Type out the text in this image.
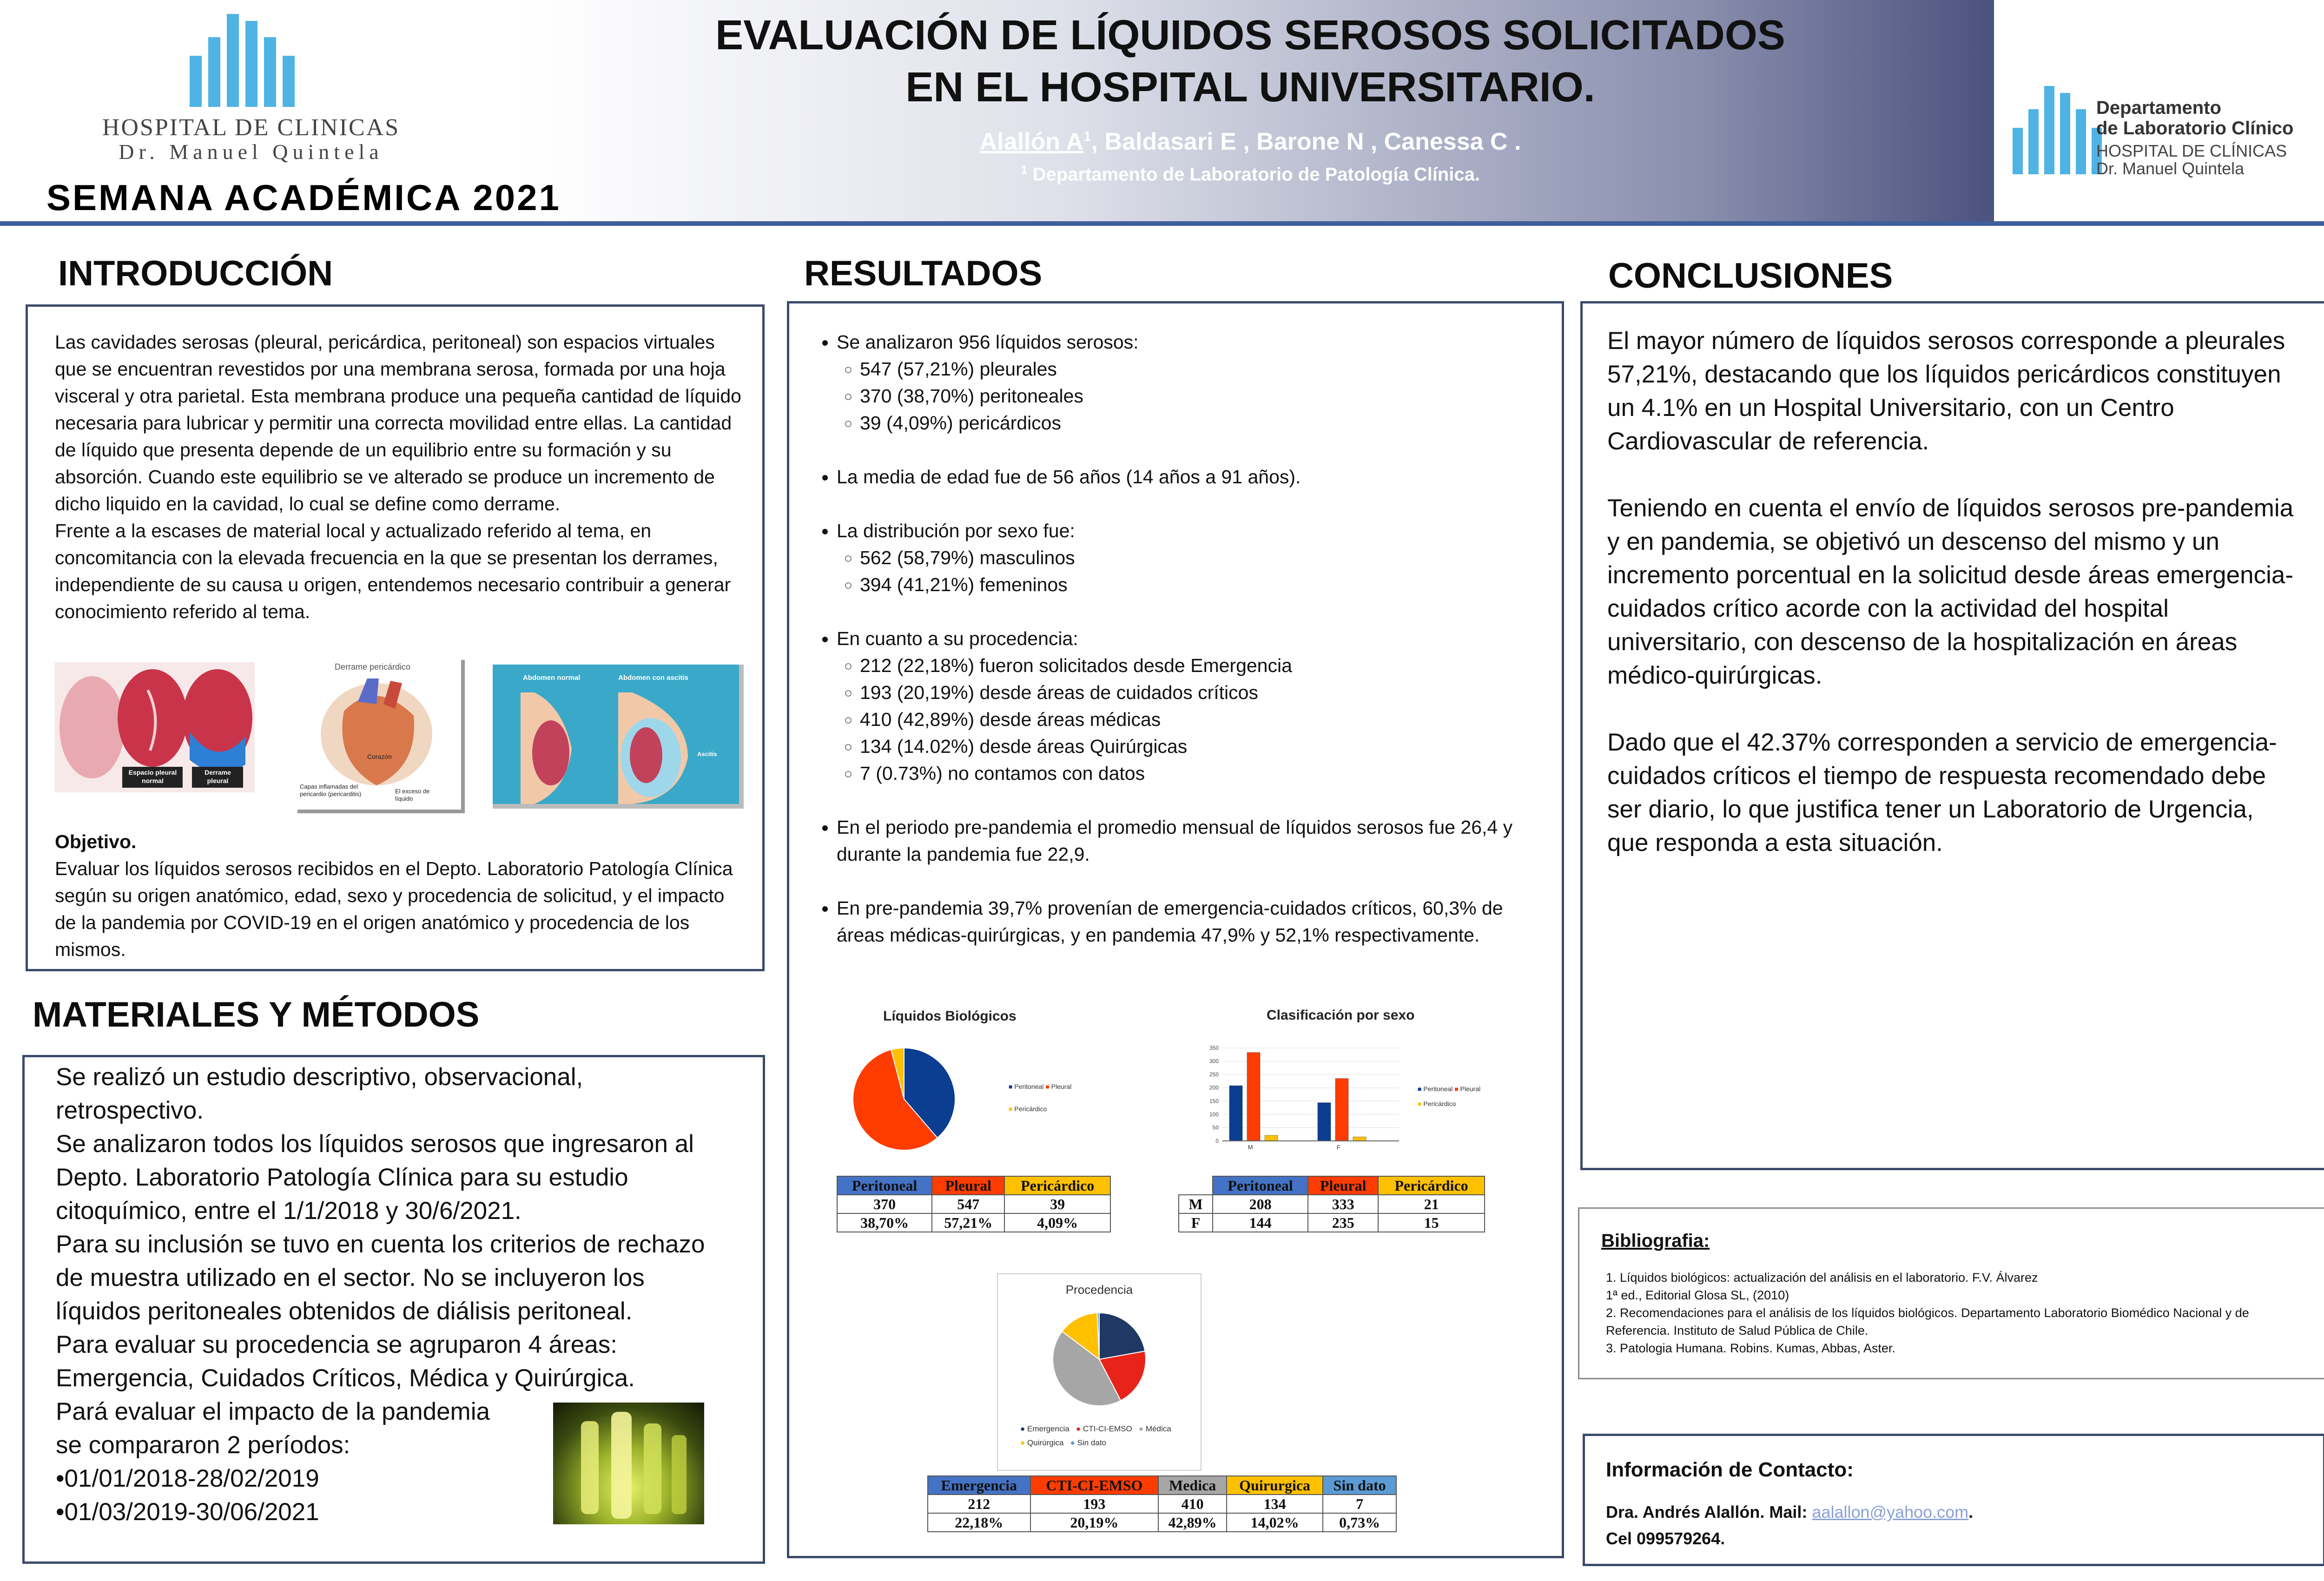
HOSPITAL DE CLINICAS
Dr. Manuel Quintela
SEMANA ACADÉMICA 2021
EVALUACIÓN DE LÍQUIDOS SEROSOS SOLICITADOS
EN EL HOSPITAL UNIVERSITARIO.
Alallón $A^1$, Baldasari E , Barone N , Canessa C .
$^1$ Departamento de Laboratorio de Patología Clínica.
Departamento
de Laboratorio Clínico
HOSPITAL DE CLÍNICAS
Dr. Manuel Quintela
INTRODUCCIÓN
Las cavidades serosas (pleural, pericárdica, peritoneal) son espacios virtuales que se encuentran revestidos por una membrana serosa, formada por una hoja visceral y otra parietal. Esta membrana produce una pequeña cantidad de líquido necesaria para lubricar y permitir una correcta movilidad entre ellas. La cantidad de líquido que presenta depende de un equilibrio entre su formación y su absorción. Cuando este equilibrio se ve alterado se produce un incremento de dicho liquido en la cavidad, lo cual se define como derrame.
Frente a la escases de material local y actualizado referido al tema, en concomitancia con la elevada frecuencia en la que se presentan los derrames, independiente de su causa u origen, entendemos necesario contribuir a generar conocimiento referido al tema.
Espacio pleural normal
Derrame pleural
Derrame pericárdico
Corazón
Capas inflamadas del pericardio (pericarditis)	El exceso de líquido
Abdomen normal	Abdomen con ascitis
Ascitis
Objetivo.
Evaluar los líquidos serosos recibidos en el Depto. Laboratorio Patología Clínica según su origen anatómico, edad, sexo y procedencia de solicitud, y el impacto de la pandemia por COVID-19 en el origen anatómico y procedencia de los mismos.
MATERIALES Y MÉTODOS
Se realizó un estudio descriptivo, observacional, retrospectivo.
Se analizaron todos los líquidos serosos que ingresaron al Depto. Laboratorio Patología Clínica para su estudio citoquímico, entre el 1/1/2018 y 30/6/2021.
Para su inclusión se tuvo en cuenta los criterios de rechazo de muestra utilizado en el sector. No se incluyeron los líquidos peritoneales obtenidos de diálisis peritoneal.
Para evaluar su procedencia se agruparon 4 áreas: Emergencia, Cuidados Críticos, Médica y Quirúrgica.
Pará evaluar el impacto de la pandemia
se compararon 2 períodos:
•01/01/2018-28/02/2019
•01/03/2019-30/06/2021
RESULTADOS
• Se analizaron 956 líquidos serosos:
◦ 547 (57,21%) pleurales
◦ 370 (38,70%) peritoneales
◦ 39 (4,09%) pericárdicos
• La media de edad fue de 56 años (14 años a 91 años).
• La distribución por sexo fue:
◦ 562 (58,79%) masculinos
◦ 394 (41,21%) femeninos
• En cuanto a su procedencia:
◦ 212 (22,18%) fueron solicitados desde Emergencia
◦ 193 (20,19%) desde áreas de cuidados críticos
◦ 410 (42,89%) desde áreas médicas
◦ 134 (14.02%) desde áreas Quirúrgicas
◦ 7 (0.73%) no contamos con datos
• En el periodo pre-pandemia el promedio mensual de líquidos serosos fue 26,4 y durante la pandemia fue 22,9.
• En pre-pandemia 39,7% provenían de emergencia-cuidados críticos, 60,3% de áreas médicas-quirúrgicas, y en pandemia 47,9% y 52,1% respectivamente.
Líquidos Biológicos
■ Peritoneal ■ Pleural

■ Pericárdico
Peritoneal	Pleural	Pericárdico
370	547	39
38,70%	57,21%	4,09%
Clasificación por sexo
350
300
250
200
150
100
50
0
M	F
■ Peritoneal ■ Pleural

■ Pericárdico
	Peritoneal	Pleural	Pericárdico
M	208	333	21
F	144	235	15
Procedencia
● Emergencia ● CTI-CI-EMSO ● Médica
● Quirúrgica ● Sin dato
Emergencia	CTI-CI-EMSO	Medica	Quirurgica	Sin dato
212	193	410	134	7
22,18%	20,19%	42,89%	14,02%	0,73%
CONCLUSIONES
El mayor número de líquidos serosos corresponde a pleurales 57,21%, destacando que los líquidos pericárdicos constituyen un 4.1% en un Hospital Universitario, con un Centro Cardiovascular de referencia.
Teniendo en cuenta el envío de líquidos serosos pre-pandemia y en pandemia, se objetivó un descenso del mismo y un incremento porcentual en la solicitud desde áreas emergencia-cuidados crítico acorde con la actividad del hospital universitario, con descenso de la hospitalización en áreas médico-quirúrgicas.
Dado que el 42.37% corresponden a servicio de emergencia-cuidados críticos el tiempo de respuesta recomendado debe ser diario, lo que justifica tener un Laboratorio de Urgencia, que responda a esta situación.
Bibliografia:
1. Líquidos biológicos: actualización del análisis en el laboratorio. F.V. Álvarez
1ª ed., Editorial Glosa SL, (2010)
2. Recomendaciones para el análisis de los líquidos biológicos. Departamento Laboratorio Biomédico Nacional y de Referencia. Instituto de Salud Pública de Chile.
3. Patologia Humana. Robins. Kumas, Abbas, Aster.
Información de Contacto:
Dra. Andrés Alallón. Mail: aalallon@yahoo.com.
Cel 099579264.
